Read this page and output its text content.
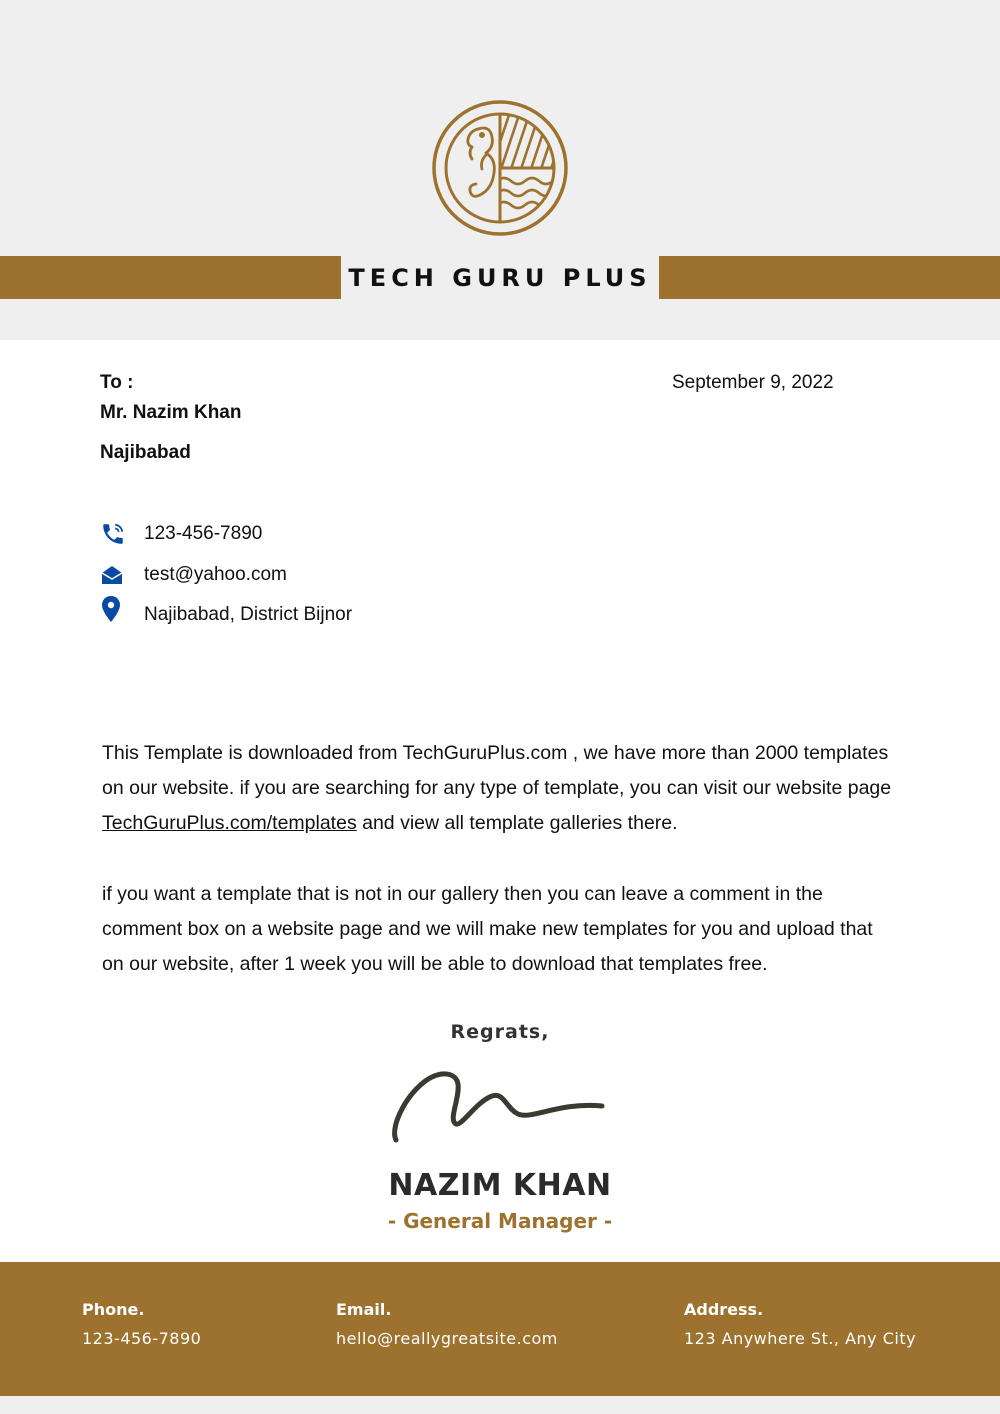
TECH GURU PLUS
To :
Mr. Nazim Khan
Najibabad
September 9, 2022
123-456-7890
test@yahoo.com
Najibabad, District Bijnor

This Template is downloaded from TechGuruPlus.com , we have more than 2000 templates on our website. if you are searching for any type of template, you can visit our website page TechGuruPlus.com/templates and view all template galleries there.

if you want a template that is not in our gallery then you can leave a comment in the comment box on a website page and we will make new templates for you and upload that on our website, after 1 week you will be able to download that templates free.

Regrats,
NAZIM KHAN
- General Manager -
Phone.
123-456-7890
Email.
hello@reallygreatsite.com
Address.
123 Anywhere St., Any City
